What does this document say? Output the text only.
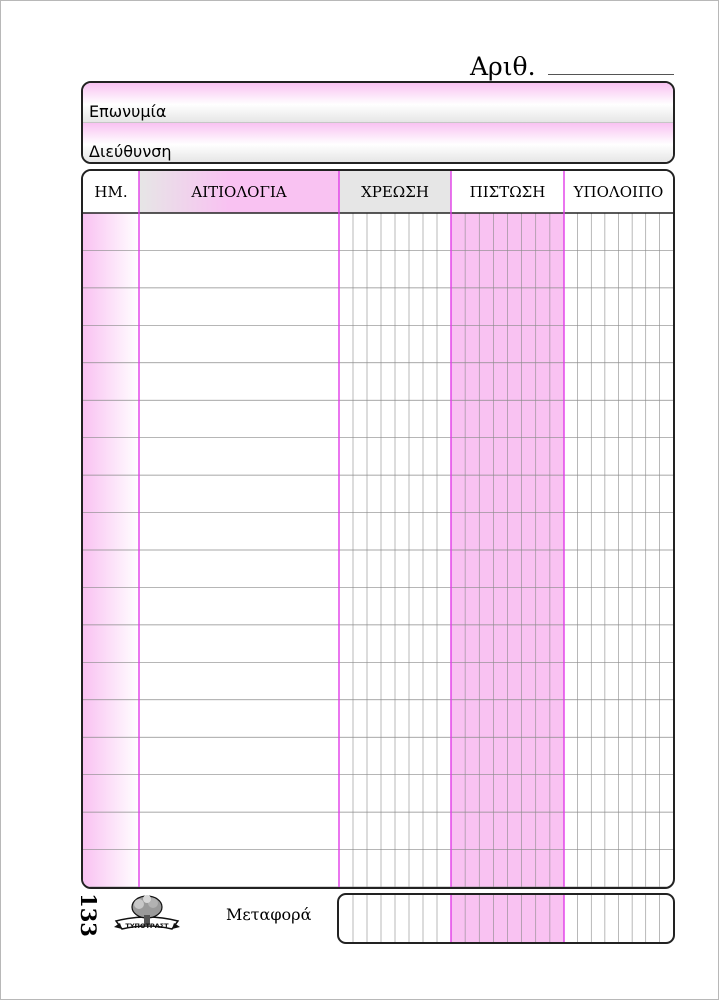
Αριθ.
Επωνυμία
Διεύθυνση
ΗΜ.	ΑΙΤΙΟΛΟΓΙΑ	ΧΡΕΩΣΗ	ΠΙΣΤΩΣΗ	ΥΠΟΛΟΙΠΟ
133	ΤΥΠΟΤΡΑΣΤ
Μεταφορά
